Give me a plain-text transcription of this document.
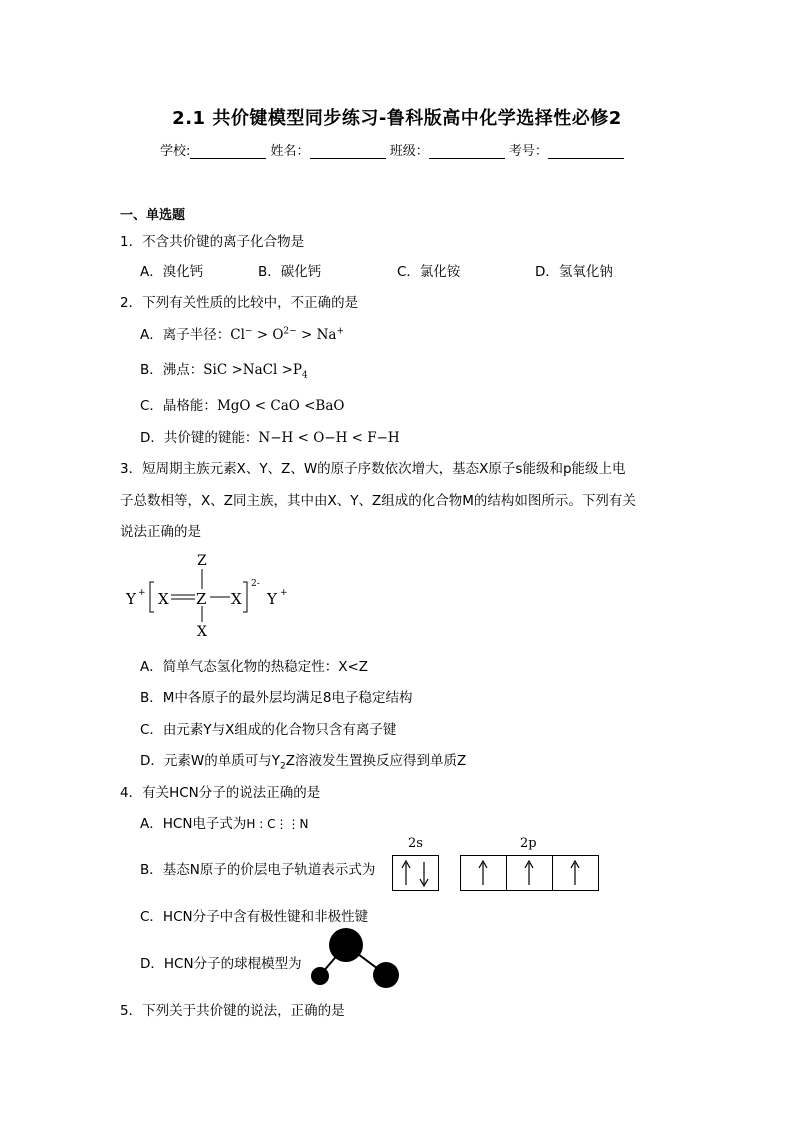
2.1 共价键模型同步练习-鲁科版高中化学选择性必修2
学校:	姓名：	班级：	考号：
一、单选题
1．不含共价键的离子化合物是
A．溴化钙	B．碳化钙	C．氯化铵	D．氢氧化钠
2．下列有关性质的比较中，不正确的是
A．离子半径：$Cl^- > O^{2-} > Na^+$
B．沸点：SiC >NaCl $>P_4$
C．晶格能：MgO < CaO <BaO
D．共价键的键能：N−H < O−H < F−H
3．短周期主族元素X、Y、Z、W的原子序数依次增大，基态X原子s能级和p能级上电
子总数相等，X、Z同主族，其中由X、Y、Z组成的化合物M的结构如图所示。下列有关
说法正确的是
Y + X Z
Z
X
X
2-
Y +
A．简单气态氢化物的热稳定性：X<Z
B．M中各原子的最外层均满足8电子稳定结构
C．由元素Y与X组成的化合物只含有离子键
D．元素W的单质可与$Y_2Z$溶液发生置换反应得到单质Z
4．有关HCN分子的说法正确的是
A．HCN电子式为H : C⋮⋮N
B．基态N原子的价层电子轨道表示式为
2s	2p
C．HCN分子中含有极性键和非极性键
D．HCN分子的球棍模型为
5．下列关于共价键的说法，正确的是
